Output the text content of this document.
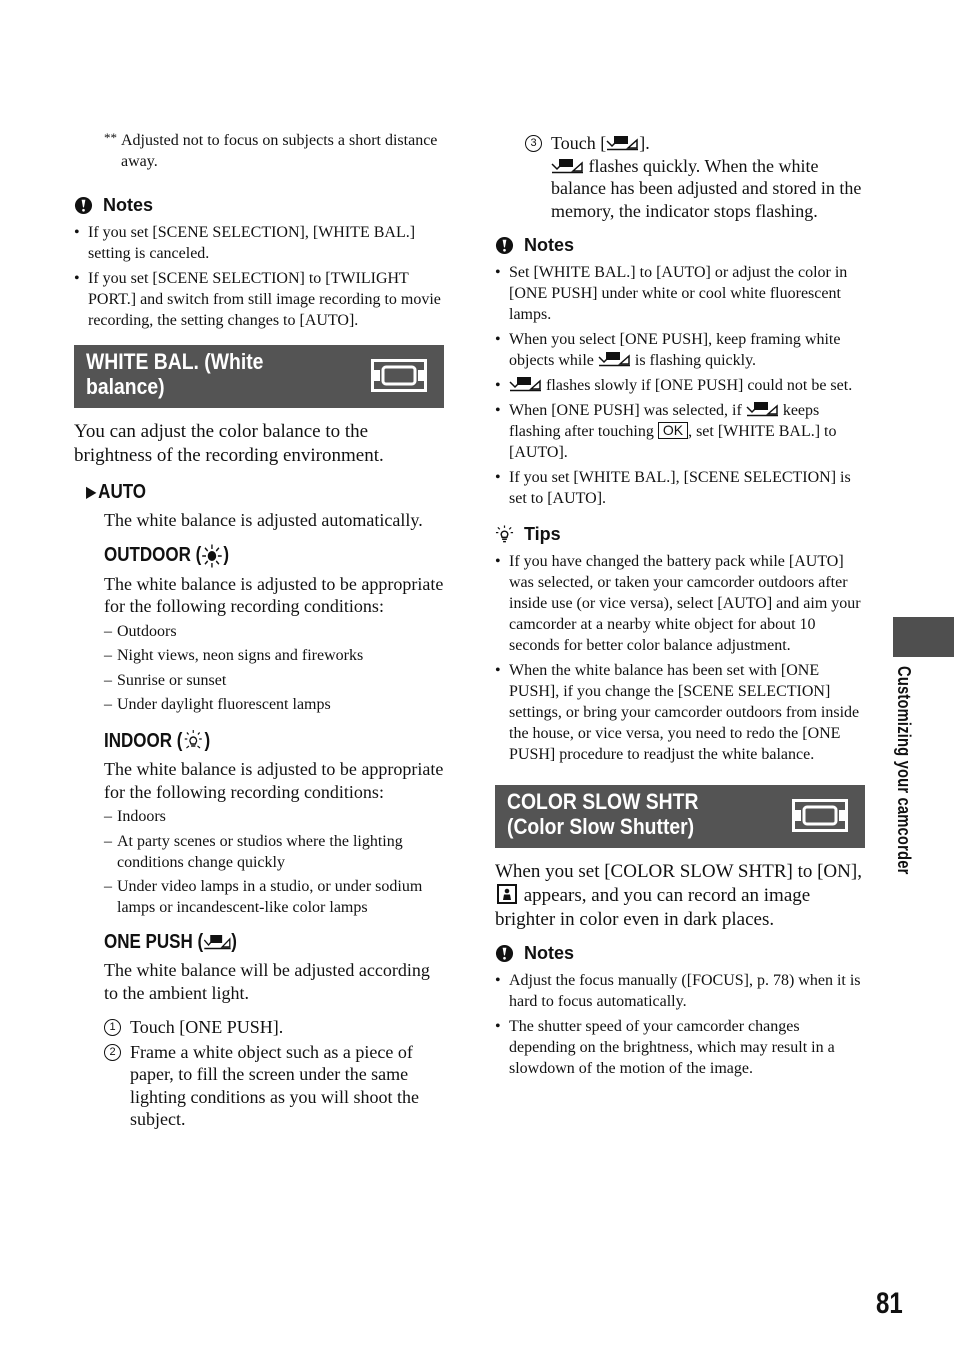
** Adjusted not to focus on subjects a short distance away.
Notes
• If you set [SCENE SELECTION], [WHITE BAL.] setting is canceled.
• If you set [SCENE SELECTION] to [TWILIGHT PORT.] and switch from still image recording to movie recording, the setting changes to [AUTO].
WHITE BAL. (White
balance)

You can adjust the color balance to the brightness of the recording environment.

▶ AUTO
The white balance is adjusted automatically.
OUTDOOR ( )
The white balance is adjusted to be appropriate for the following recording conditions:
– Outdoors
– Night views, neon signs and fireworks
– Sunrise or sunset
– Under daylight fluorescent lamps
INDOOR ( )
The white balance is adjusted to be appropriate for the following recording conditions:
– Indoors
– At party scenes or studios where the lighting conditions change quickly
– Under video lamps in a studio, or under sodium lamps or incandescent-like color lamps
ONE PUSH ( )
The white balance will be adjusted according to the ambient light.
1 Touch [ONE PUSH].
2 Frame a white object such as a piece of paper, to fill the screen under the same lighting conditions as you will shoot the subject.
3 Touch [ ].
flashes quickly. When the white balance has been adjusted and stored in the memory, the indicator stops flashing.
Notes
• Set [WHITE BAL.] to [AUTO] or adjust the color in [ONE PUSH] under white or cool white fluorescent lamps.
• When you select [ONE PUSH], keep framing white objects while	is flashing quickly.
• flashes slowly if [ONE PUSH] could not be set.
• When [ONE PUSH] was selected, if	keeps flashing after touching OK , set [WHITE BAL.] to [AUTO].
• If you set [WHITE BAL.], [SCENE SELECTION] is set to [AUTO].
Tips
• If you have changed the battery pack while [AUTO] was selected, or taken your camcorder outdoors after inside use (or vice versa), select [AUTO] and aim your camcorder at a nearby white object for about 10 seconds for better color balance adjustment.
• When the white balance has been set with [ONE PUSH], if you change the [SCENE SELECTION] settings, or bring your camcorder outdoors from inside the house, or vice versa, you need to redo the [ONE PUSH] procedure to readjust the white balance.
COLOR SLOW SHTR
(Color Slow Shutter)

When you set [COLOR SLOW SHTR] to [ON],
appears, and you can record an image brighter in color even in dark places.

Notes
• Adjust the focus manually ([FOCUS], p. 78) when it is hard to focus automatically.
• The shutter speed of your camcorder changes depending on the brightness, which may result in a slowdown of the motion of the image.
Customizing your camcorder
81
